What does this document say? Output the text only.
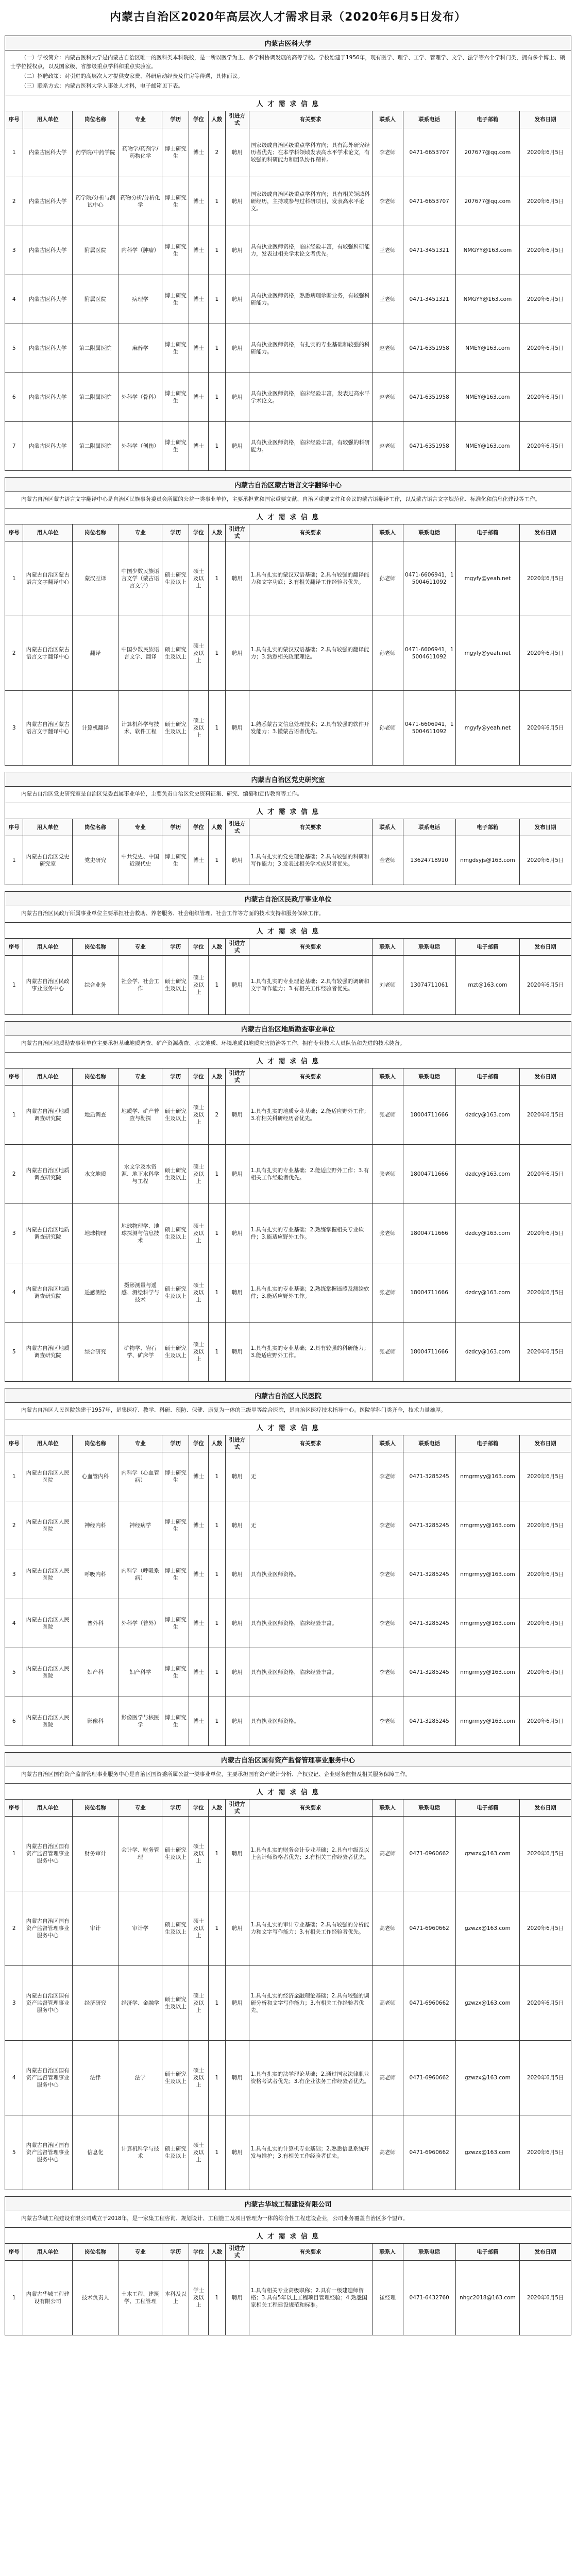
内蒙古自治区2020年高层次人才需求目录（2020年6月5日发布）
内蒙古医科大学

（一）学校简介：内蒙古医科大学是内蒙古自治区唯一的医科类本科院校，是一所以医学为主、多学科协调发展的高等学校。学校始建于1956年，现有医学、理学、工学、管理学、文学、法学等六个学科门类，拥有多个博士、硕士学位授权点，以及国家级、省部级重点学科和重点实验室。

（二）招聘政策：对引进的高层次人才提供安家费、科研启动经费及住房等待遇，具体面议。

（三）联系方式：内蒙古医科大学人事处人才科，电子邮箱见下表。

人 才 需 求 信 息
序号	用人单位	岗位名称	专业	学历	学位	人数	引进方式	有关要求	联系人	联系电话	电子邮箱	发布日期
1	内蒙古医科大学	药学院/中药学院	药物学/药剂学/药物化学	博士研究生	博士	2	聘用	国家级或自治区级重点学科方向；具有海外研究经历者优先；在本学科领域发表高水平学术论文，有较强的科研能力和团队协作精神。	李老师	0471-6653707	207677@qq.com	2020年6月5日
2	内蒙古医科大学	药学院/分析与测试中心	药物分析/分析化学	博士研究生	博士	1	聘用	国家级或自治区级重点学科方向；具有相关领域科研经历，主持或参与过科研项目，发表高水平论文。	李老师	0471-6653707	207677@qq.com	2020年6月5日
3	内蒙古医科大学	附属医院	内科学（肿瘤）	博士研究生	博士	1	聘用	具有执业医师资格，临床经验丰富，有较强科研能力，发表过相关学术论文者优先。	王老师	0471-3451321	NMGYY@163.com	2020年6月5日
4	内蒙古医科大学	附属医院	病理学	博士研究生	博士	1	聘用	具有执业医师资格，熟悉病理诊断业务，有较强科研能力。	王老师	0471-3451321	NMGYY@163.com	2020年6月5日
5	内蒙古医科大学	第二附属医院	麻醉学	博士研究生	博士	1	聘用	具有执业医师资格，有扎实的专业基础和较强的科研能力。	赵老师	0471-6351958	NMEY@163.com	2020年6月5日
6	内蒙古医科大学	第二附属医院	外科学（骨科）	博士研究生	博士	1	聘用	具有执业医师资格，临床经验丰富，发表过高水平学术论文。	赵老师	0471-6351958	NMEY@163.com	2020年6月5日
7	内蒙古医科大学	第二附属医院	外科学（创伤）	博士研究生	博士	1	聘用	具有执业医师资格，临床经验丰富，有较强的科研能力。	赵老师	0471-6351958	NMEY@163.com	2020年6月5日
内蒙古自治区蒙古语言文字翻译中心

内蒙古自治区蒙古语言文字翻译中心是自治区民族事务委员会所属的公益一类事业单位，主要承担党和国家重要文献、自治区重要文件和会议的蒙古语翻译工作，以及蒙古语言文字规范化、标准化和信息化建设等工作。

人 才 需 求 信 息
序号	用人单位	岗位名称	专业	学历	学位	人数	引进方式	有关要求	联系人	联系电话	电子邮箱	发布日期
1	内蒙古自治区蒙古语言文字翻译中心	蒙汉互译	中国少数民族语言文学（蒙古语言文学）	硕士研究生及以上	硕士及以上	1	聘用	1.具有扎实的蒙汉双语基础；2.具有较强的翻译能力和文字功底；3.有相关翻译工作经验者优先。	孙老师	0471-6606941，15004611092	mgyfy@yeah.net	2020年6月5日
2	内蒙古自治区蒙古语言文字翻译中心	翻译	中国少数民族语言文学、翻译	硕士研究生及以上	硕士及以上	1	聘用	1.具有扎实的蒙汉双语基础；2.具有较强的翻译能力；3.熟悉相关政策理论。	孙老师	0471-6606941，15004611092	mgyfy@yeah.net	2020年6月5日
3	内蒙古自治区蒙古语言文字翻译中心	计算机翻译	计算机科学与技术、软件工程	硕士研究生及以上	硕士及以上	1	聘用	1.熟悉蒙古文信息处理技术；2.具有较强的软件开发能力；3.懂蒙古语者优先。	孙老师	0471-6606941，15004611092	mgyfy@yeah.net	2020年6月5日
内蒙古自治区党史研究室

内蒙古自治区党史研究室是自治区党委直属事业单位，主要负责自治区党史资料征集、研究、编纂和宣传教育等工作。

人 才 需 求 信 息
序号	用人单位	岗位名称	专业	学历	学位	人数	引进方式	有关要求	联系人	联系电话	电子邮箱	发布日期
1	内蒙古自治区党史研究室	党史研究	中共党史、中国近现代史	博士研究生	博士	1	聘用	1.具有扎实的党史理论基础；2.具有较强的科研和写作能力；3.发表过相关学术成果者优先。	金老师	13624718910	nmgdsyjs@163.com	2020年6月5日
内蒙古自治区民政厅事业单位

内蒙古自治区民政厅所属事业单位主要承担社会救助、养老服务、社会组织管理、社会工作等方面的技术支持和服务保障工作。

人 才 需 求 信 息
序号	用人单位	岗位名称	专业	学历	学位	人数	引进方式	有关要求	联系人	联系电话	电子邮箱	发布日期
1	内蒙古自治区民政事业服务中心	综合业务	社会学、社会工作	硕士研究生及以上	硕士及以上	1	聘用	1.具有扎实的专业理论基础；2.具有较强的调研和文字写作能力；3.有相关工作经验者优先。	刘老师	13074711061	mzt@163.com	2020年6月5日
内蒙古自治区地质勘查事业单位

内蒙古自治区地质勘查事业单位主要承担基础地质调查、矿产资源勘查、水文地质、环境地质和地质灾害防治等工作，拥有专业技术人员队伍和先进的技术装备。

人 才 需 求 信 息
序号	用人单位	岗位名称	专业	学历	学位	人数	引进方式	有关要求	联系人	联系电话	电子邮箱	发布日期
1	内蒙古自治区地质调查研究院	地质调查	地质学、矿产普查与勘探	硕士研究生及以上	硕士及以上	2	聘用	1.具有扎实的地质专业基础；2.能适应野外工作；3.有相关科研经历者优先。	张老师	18004711666	dzdcy@163.com	2020年6月5日
2	内蒙古自治区地质调查研究院	水文地质	水文学及水资源、地下水科学与工程	硕士研究生及以上	硕士及以上	1	聘用	1.具有扎实的专业基础；2.能适应野外工作；3.有相关工作经验者优先。	张老师	18004711666	dzdcy@163.com	2020年6月5日
3	内蒙古自治区地质调查研究院	地球物理	地球物理学、地球探测与信息技术	硕士研究生及以上	硕士及以上	1	聘用	1.具有扎实的专业基础；2.熟练掌握相关专业软件；3.能适应野外工作。	张老师	18004711666	dzdcy@163.com	2020年6月5日
4	内蒙古自治区地质调查研究院	遥感测绘	摄影测量与遥感、测绘科学与技术	硕士研究生及以上	硕士及以上	1	聘用	1.具有扎实的专业基础；2.熟练掌握遥感及测绘软件；3.能适应野外工作。	张老师	18004711666	dzdcy@163.com	2020年6月5日
5	内蒙古自治区地质调查研究院	综合研究	矿物学、岩石学、矿床学	硕士研究生及以上	硕士及以上	1	聘用	1.具有扎实的专业基础；2.具有较强的科研能力；3.能适应野外工作。	张老师	18004711666	dzdcy@163.com	2020年6月5日
内蒙古自治区人民医院

内蒙古自治区人民医院始建于1957年，是集医疗、教学、科研、预防、保健、康复为一体的三级甲等综合医院，是自治区医疗技术指导中心。医院学科门类齐全，技术力量雄厚。

人 才 需 求 信 息
序号	用人单位	岗位名称	专业	学历	学位	人数	引进方式	有关要求	联系人	联系电话	电子邮箱	发布日期
1	内蒙古自治区人民医院	心血管内科	内科学（心血管病）	博士研究生	博士	1	聘用	无	李老师	0471-3285245	nmgrmyy@163.com	2020年6月5日
2	内蒙古自治区人民医院	神经内科	神经病学	博士研究生	博士	1	聘用	无	李老师	0471-3285245	nmgrmyy@163.com	2020年6月5日
3	内蒙古自治区人民医院	呼吸内科	内科学（呼吸系病）	博士研究生	博士	1	聘用	具有执业医师资格。	李老师	0471-3285245	nmgrmyy@163.com	2020年6月5日
4	内蒙古自治区人民医院	普外科	外科学（普外）	博士研究生	博士	1	聘用	具有执业医师资格，临床经验丰富。	李老师	0471-3285245	nmgrmyy@163.com	2020年6月5日
5	内蒙古自治区人民医院	妇产科	妇产科学	博士研究生	博士	1	聘用	具有执业医师资格，临床经验丰富。	李老师	0471-3285245	nmgrmyy@163.com	2020年6月5日
6	内蒙古自治区人民医院	影像科	影像医学与核医学	博士研究生	博士	1	聘用	具有执业医师资格。	李老师	0471-3285245	nmgrmyy@163.com	2020年6月5日
内蒙古自治区国有资产监督管理事业服务中心

内蒙古自治区国有资产监督管理事业服务中心是自治区国资委所属公益一类事业单位，主要承担国有资产统计分析、产权登记、企业财务监督及相关服务保障工作。

人 才 需 求 信 息
序号	用人单位	岗位名称	专业	学历	学位	人数	引进方式	有关要求	联系人	联系电话	电子邮箱	发布日期
1	内蒙古自治区国有资产监督管理事业服务中心	财务审计	会计学、财务管理	硕士研究生及以上	硕士及以上	1	聘用	1.具有扎实的财务会计专业基础；2.具有中级及以上会计师资格者优先；3.有相关工作经验者优先。	高老师	0471-6960662	gzwzx@163.com	2020年6月5日
2	内蒙古自治区国有资产监督管理事业服务中心	审计	审计学	硕士研究生及以上	硕士及以上	1	聘用	1.具有扎实的审计专业基础；2.具有较强的分析能力和文字写作能力；3.有相关工作经验者优先。	高老师	0471-6960662	gzwzx@163.com	2020年6月5日
3	内蒙古自治区国有资产监督管理事业服务中心	经济研究	经济学、金融学	硕士研究生及以上	硕士及以上	1	聘用	1.具有扎实的经济金融理论基础；2.具有较强的调研分析和文字写作能力；3.有相关工作经验者优先。	高老师	0471-6960662	gzwzx@163.com	2020年6月5日
4	内蒙古自治区国有资产监督管理事业服务中心	法律	法学	硕士研究生及以上	硕士及以上	1	聘用	1.具有扎实的法学理论基础；2.通过国家法律职业资格考试者优先；3.有企业法务工作经验者优先。	高老师	0471-6960662	gzwzx@163.com	2020年6月5日
5	内蒙古自治区国有资产监督管理事业服务中心	信息化	计算机科学与技术	硕士研究生及以上	硕士及以上	1	聘用	1.具有扎实的计算机专业基础；2.熟悉信息系统开发与维护；3.有相关工作经验者优先。	高老师	0471-6960662	gzwzx@163.com	2020年6月5日
内蒙古华城工程建设有限公司

内蒙古华城工程建设有限公司成立于2018年，是一家集工程咨询、规划设计、工程施工及项目管理为一体的综合性工程建设企业，公司业务覆盖自治区多个盟市。

人 才 需 求 信 息
序号	用人单位	岗位名称	专业	学历	学位	人数	引进方式	有关要求	联系人	联系电话	电子邮箱	发布日期
1	内蒙古华城工程建设有限公司	技术负责人	土木工程、建筑学、工程管理	本科及以上	学士及以上	1	聘用	1.具有相关专业高级职称；2.具有一级建造师资格；3.具有5年以上工程项目管理经验；4.熟悉国家相关工程建设规范和标准。	崔经理	0471-6432760	nhgc2018@163.com	2020年6月5日
